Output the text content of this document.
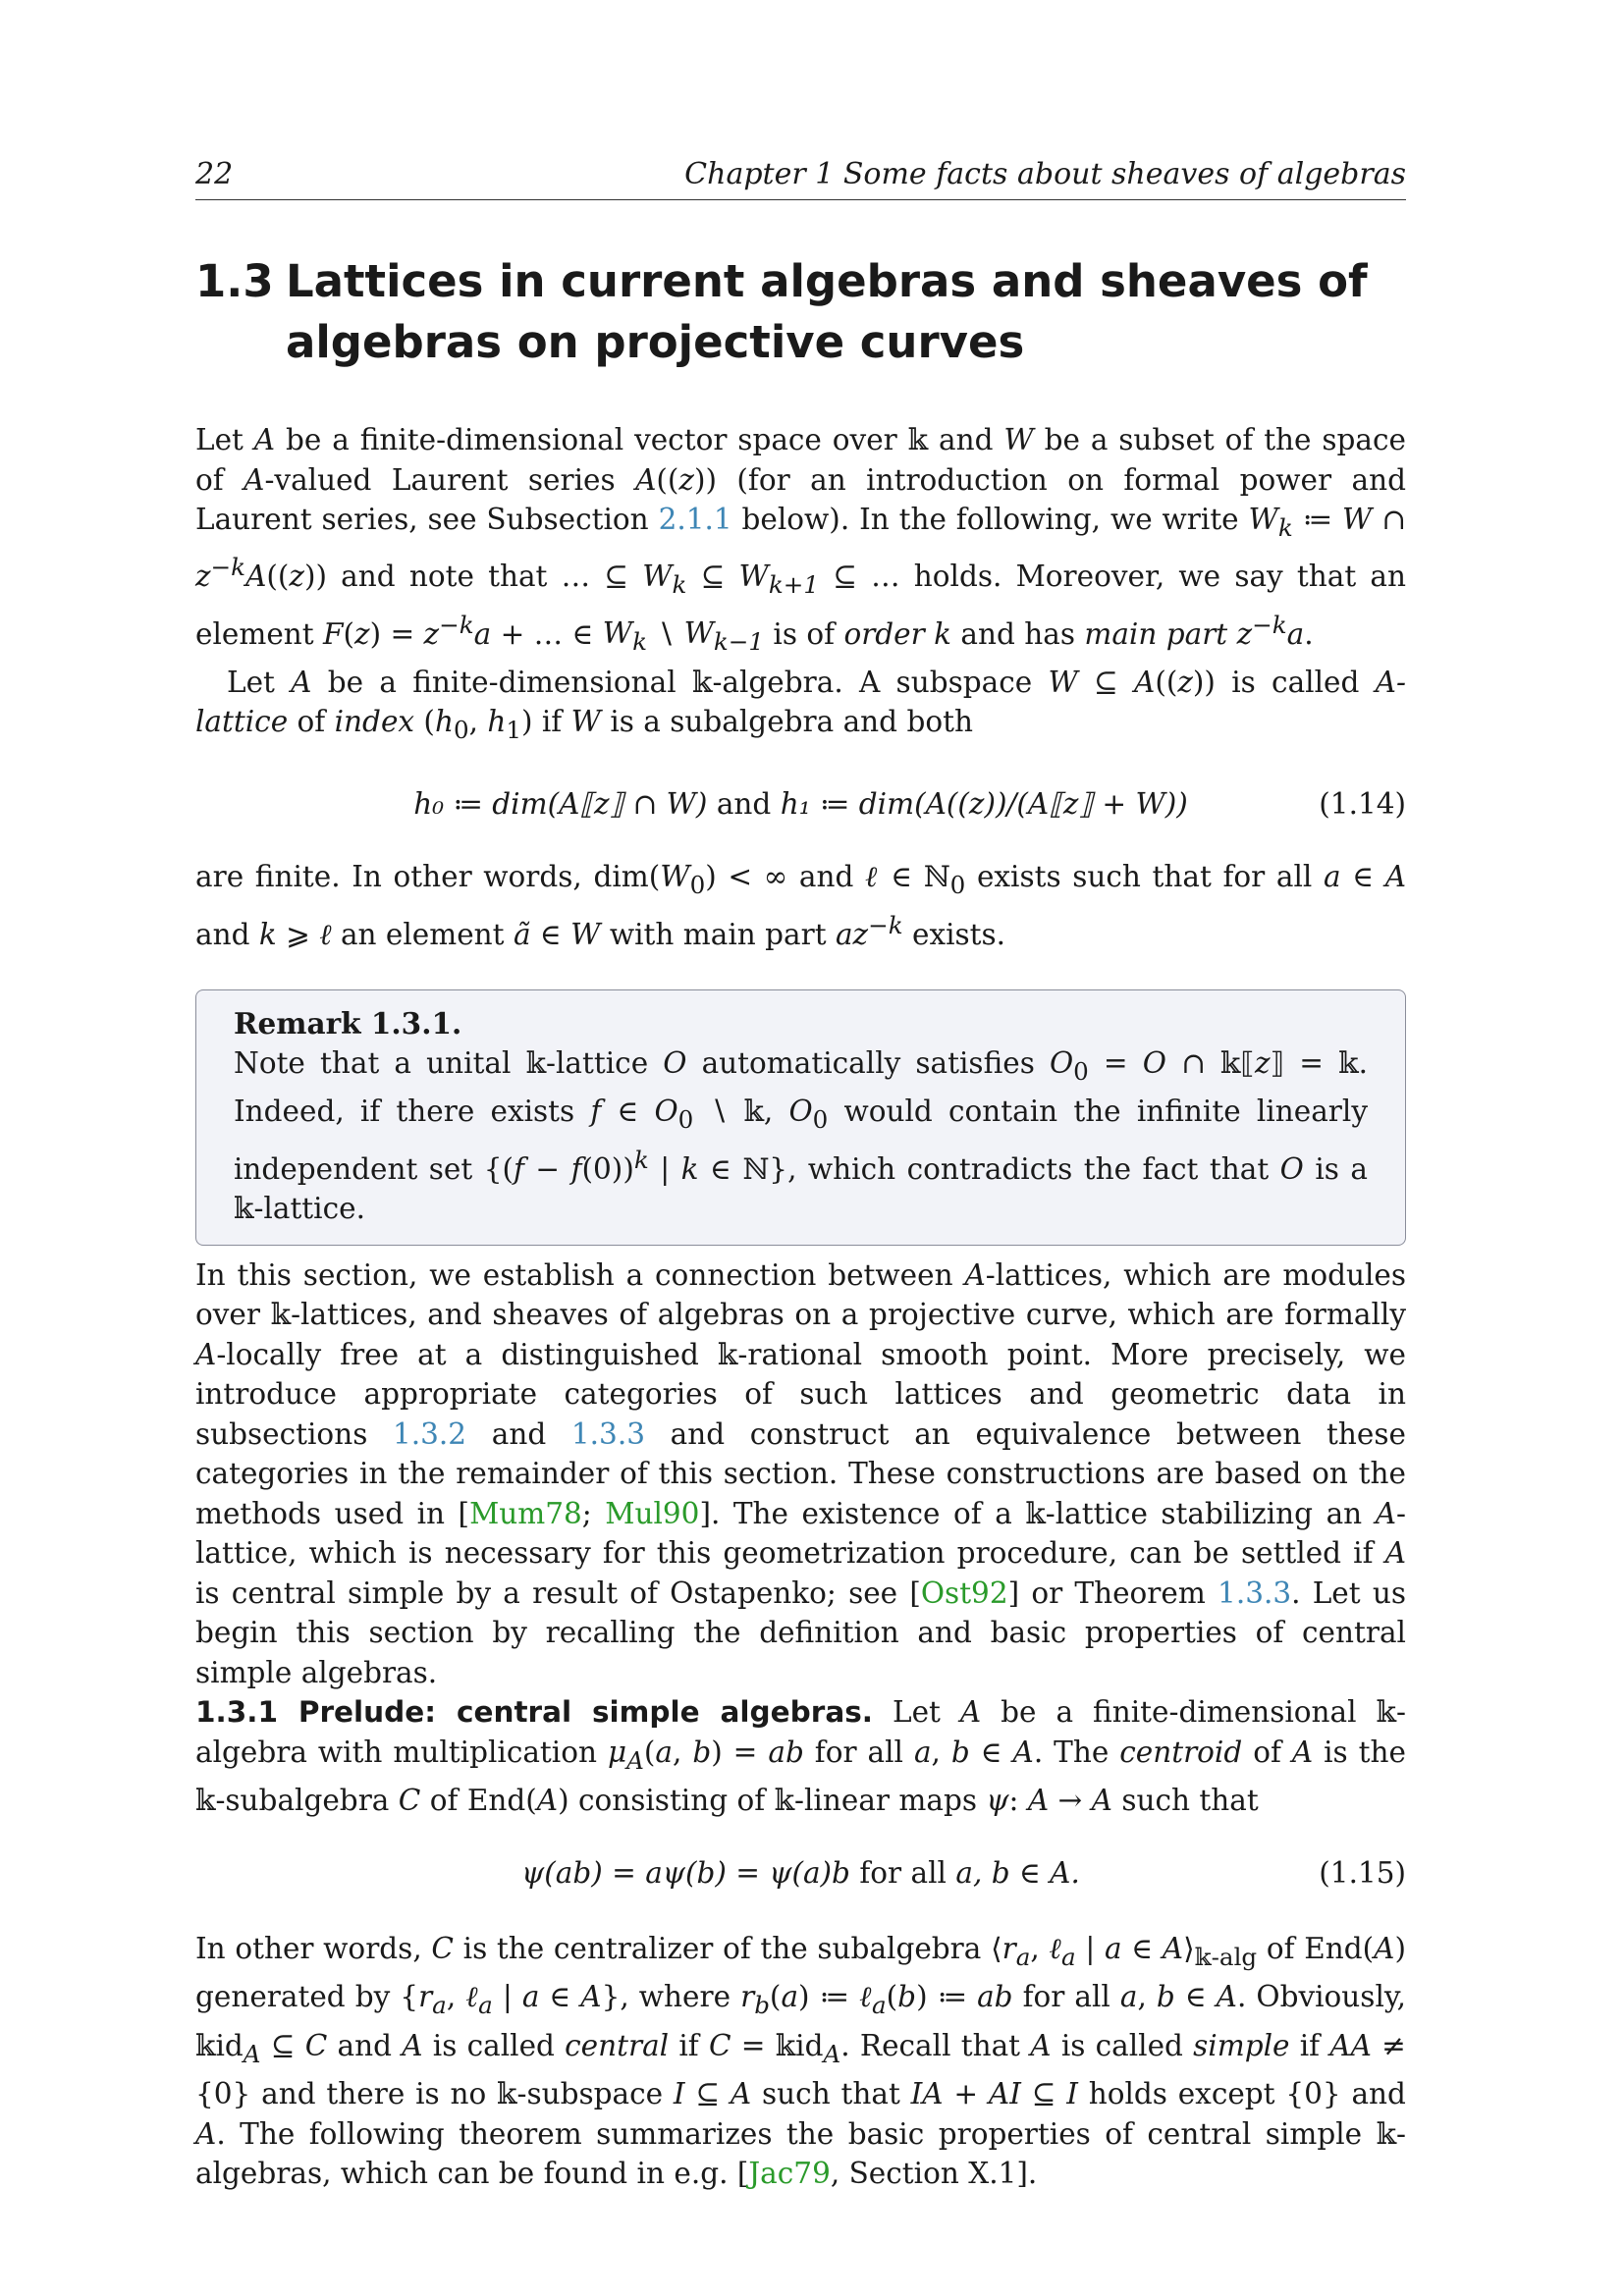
22	Chapter 1 Some facts about sheaves of algebras
1.3 Lattices in current algebras and sheaves of algebras on projective curves

Let A be a finite-dimensional vector space over 𝕜 and W be a subset of the space of A-valued Laurent series A((z)) (for an introduction on formal power and Laurent series, see Subsection 2.1.1 below). In the following, we write $W_k$ ≔ W ∩ $z^{-k}A((z))$ and note that … ⊆ $W_k$ ⊆ $W_{k+1}$ ⊆ … holds. Moreover, we say that an element $F(z) = z^{-k}a$ + … ∈ $W_k$ ∖ $W_{k-1}$ is of order k and has main part $z^{-k}a$.

Let A be a finite-dimensional 𝕜-algebra. A subspace W ⊆ A((z)) is called A-lattice of index ($h_0$, $h_1$) if W is a subalgebra and both

h₀ ≔ dim(A⟦z⟧ ∩ W) and h₁ ≔ dim(A((z))/(A⟦z⟧ + W))	(1.14)

are finite. In other words, $dim(W_0)$ < ∞ and ℓ ∈ ℕ$_0$ exists such that for all a ∈ A and k ⩾ ℓ an element ã ∈ W with main part $az^{-k}$ exists.

Remark 1.3.1.

Note that a unital 𝕜-lattice O automatically satisfies $O_0 = O$ ∩ 𝕜⟦z⟧ = 𝕜. Indeed, if there exists f ∈ $O_0$ ∖ 𝕜, $O_0$ would contain the infinite linearly independent set {$(f - f(0))^k$ | k ∈ ℕ}, which contradicts the fact that O is a 𝕜-lattice.

In this section, we establish a connection between A-lattices, which are modules over 𝕜-lattices, and sheaves of algebras on a projective curve, which are formally A-locally free at a distinguished 𝕜-rational smooth point. More precisely, we introduce appropriate categories of such lattices and geometric data in subsections 1.3.2 and 1.3.3 and construct an equivalence between these categories in the remainder of this section. These constructions are based on the methods used in [Mum78; Mul90]. The existence of a 𝕜-lattice stabilizing an A-lattice, which is necessary for this geometrization procedure, can be settled if A is central simple by a result of Ostapenko; see [Ost92] or Theorem 1.3.3. Let us begin this section by recalling the definition and basic properties of central simple algebras.

1.3.1 Prelude: central simple algebras. Let A be a finite-dimensional 𝕜-algebra with multiplication $\mu_A(a$, b) = ab for all a, b ∈ A. The centroid of A is the 𝕜-subalgebra C of End(A) consisting of 𝕜-linear maps ψ: A → A such that

ψ(ab) = aψ(b) = ψ(a)b for all a, b ∈ A.	(1.15)

In other words, C is the centralizer of the subalgebra $⟨r_a$, ℓ$_a$ | a ∈ $A⟩_{𝕜-alg}$ of End(A) generated by {$r_a$, ℓ$_a$ | a ∈ A}, where $r_b(a)$ ≔ ℓ$_a$(b) ≔ ab for all a, b ∈ A. Obviously, 𝕜id$_A$ ⊆ C and A is called central if C = 𝕜id$_A$. Recall that A is called simple if AA ≠ {0} and there is no 𝕜-subspace I ⊆ A such that IA + AI ⊆ I holds except {0} and A. The following theorem summarizes the basic properties of central simple 𝕜-algebras, which can be found in e.g. [Jac79, Section X.1].
